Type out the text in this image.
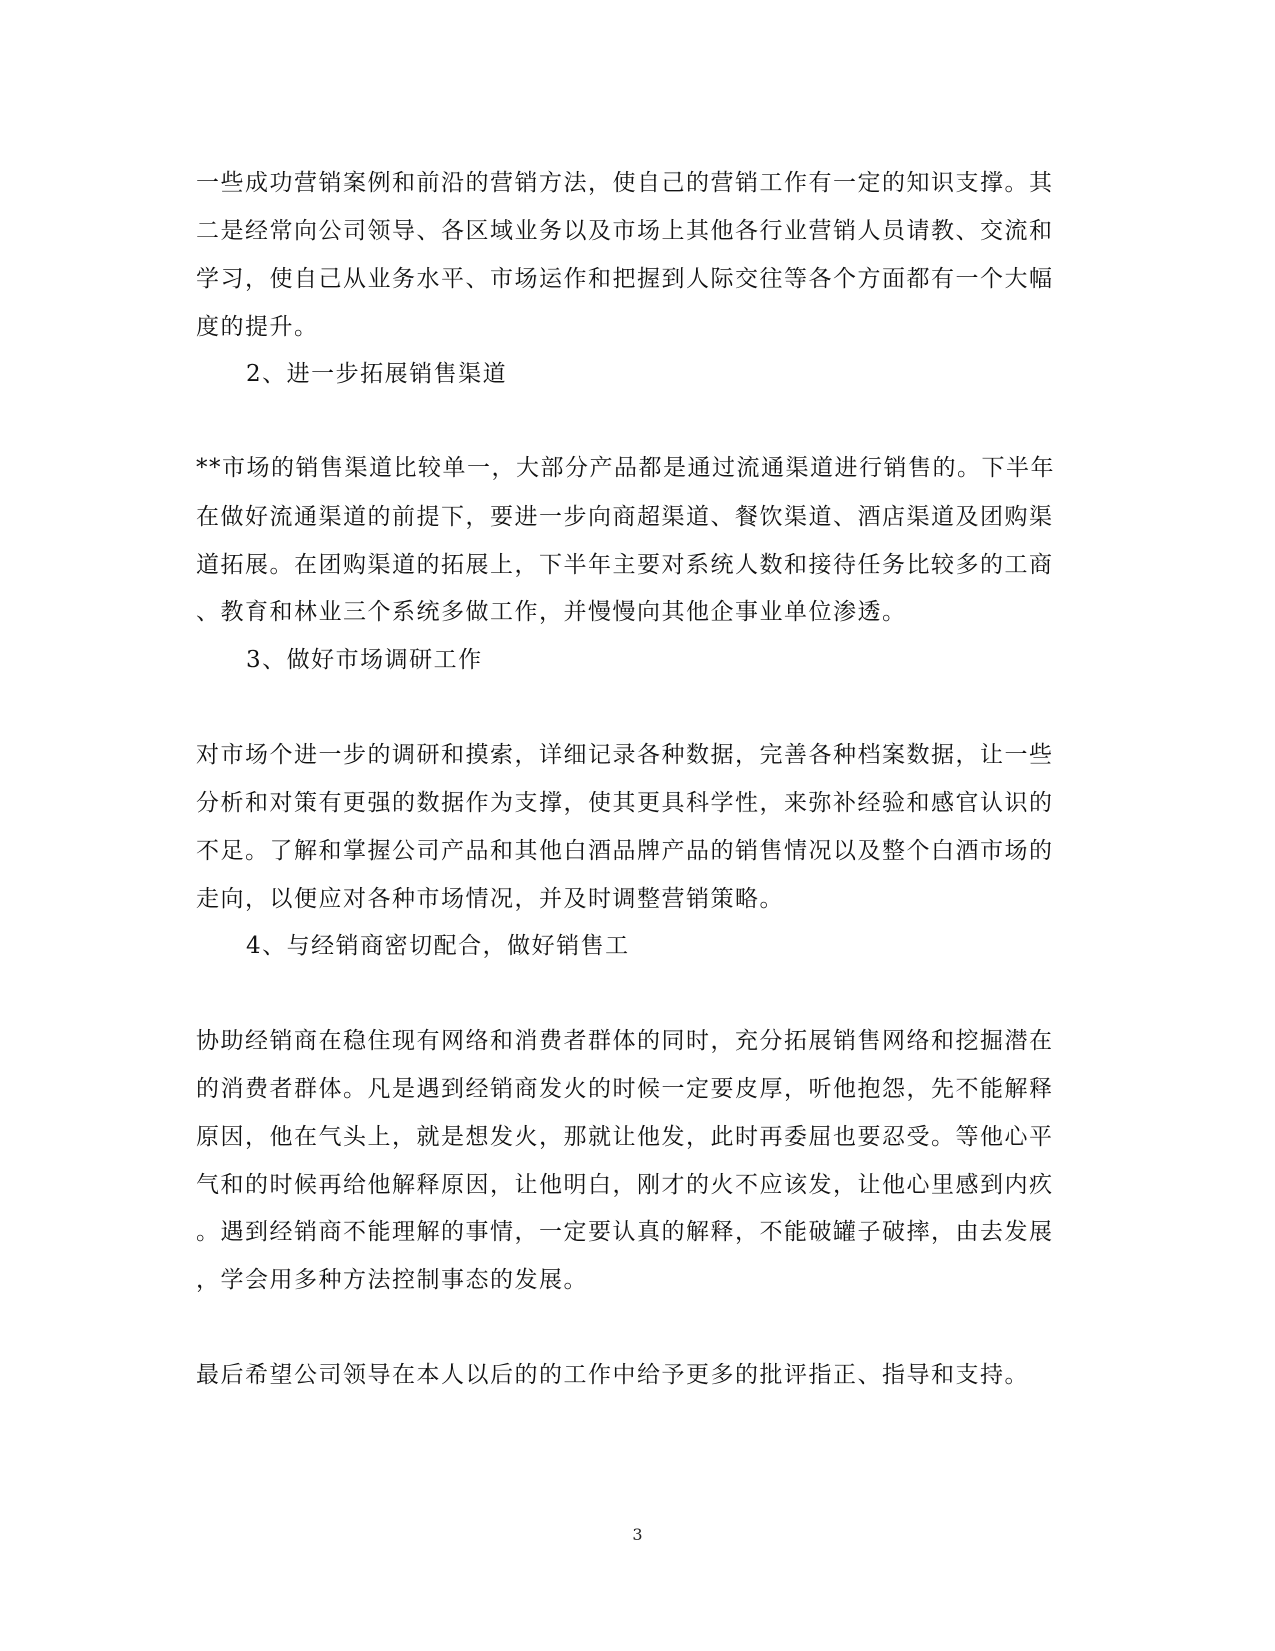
一些成功营销案例和前沿的营销方法，使自己的营销工作有一定的知识支撑。其
二是经常向公司领导、各区域业务以及市场上其他各行业营销人员请教、交流和
学习，使自己从业务水平、市场运作和把握到人际交往等各个方面都有一个大幅
度的提升。
2、进一步拓展销售渠道
**市场的销售渠道比较单一，大部分产品都是通过流通渠道进行销售的。下半年
在做好流通渠道的前提下，要进一步向商超渠道、餐饮渠道、酒店渠道及团购渠
道拓展。在团购渠道的拓展上，下半年主要对系统人数和接待任务比较多的工商
、教育和林业三个系统多做工作，并慢慢向其他企事业单位渗透。
3、做好市场调研工作
对市场个进一步的调研和摸索，详细记录各种数据，完善各种档案数据，让一些
分析和对策有更强的数据作为支撑，使其更具科学性，来弥补经验和感官认识的
不足。了解和掌握公司产品和其他白酒品牌产品的销售情况以及整个白酒市场的
走向，以便应对各种市场情况，并及时调整营销策略。
4、与经销商密切配合，做好销售工
协助经销商在稳住现有网络和消费者群体的同时，充分拓展销售网络和挖掘潜在
的消费者群体。凡是遇到经销商发火的时候一定要皮厚，听他抱怨，先不能解释
原因，他在气头上，就是想发火，那就让他发，此时再委屈也要忍受。等他心平
气和的时候再给他解释原因，让他明白，刚才的火不应该发，让他心里感到内疚
。遇到经销商不能理解的事情，一定要认真的解释，不能破罐子破摔，由去发展
，学会用多种方法控制事态的发展。
最后希望公司领导在本人以后的的工作中给予更多的批评指正、指导和支持。
3
